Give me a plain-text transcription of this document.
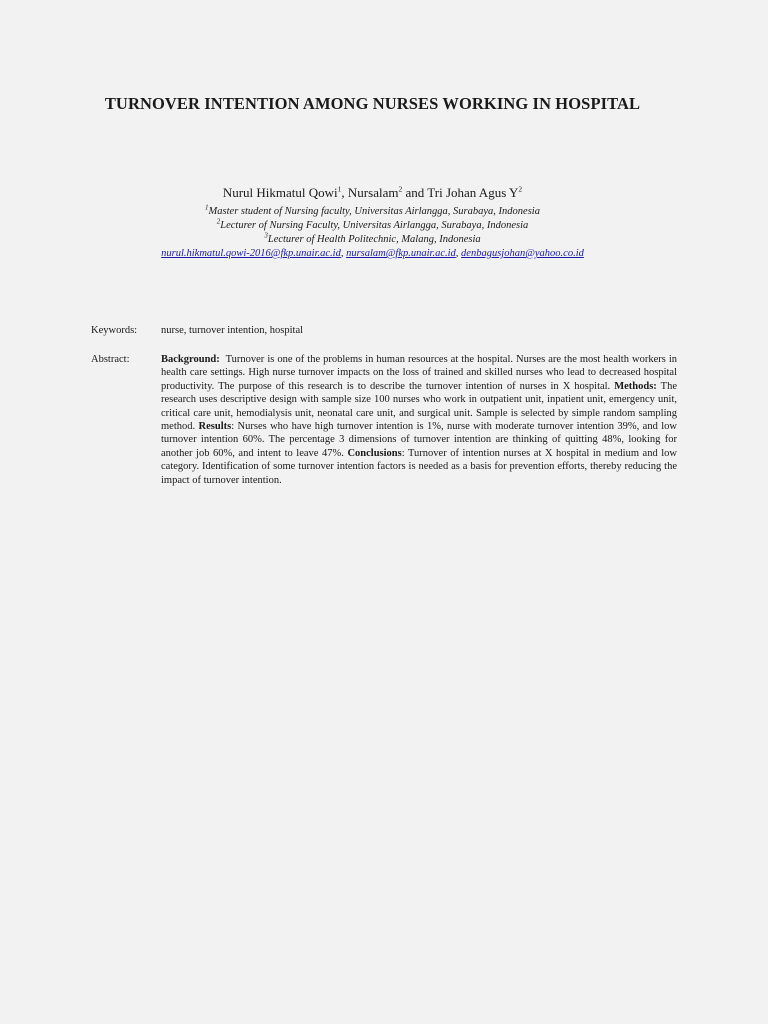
TURNOVER INTENTION AMONG NURSES WORKING IN HOSPITAL
Nurul Hikmatul Qowi$^1$, Nursalam$^2$ and Tri Johan Agus $Y^2$
$^1$Master student of Nursing faculty, Universitas Airlangga, Surabaya, Indonesia
$^2$Lecturer of Nursing Faculty, Universitas Airlangga, Surabaya, Indonesia
$^3$Lecturer of Health Politechnic, Malang, Indonesia
nurul.hikmatul.qowi-2016@fkp.unair.ac.id, nursalam@fkp.unair.ac.id, denbagusjohan@yahoo.co.id
Keywords: nurse, turnover intention, hospital
Abstract:	Background:  Turnover is one of the problems in human resources at the hospital. Nurses are the most health workers in health care settings. High nurse turnover impacts on the loss of trained and skilled nurses who lead to decreased hospital productivity. The purpose of this research is to describe the turnover intention of nurses in X hospital. Methods: The research uses descriptive design with sample size 100 nurses who work in outpatient unit, inpatient unit, emergency unit, critical care unit, hemodialysis unit, neonatal care unit, and surgical unit. Sample is selected by simple random sampling method. Results: Nurses who have high turnover intention is 1%, nurse with moderate turnover intention 39%, and low turnover intention 60%. The percentage 3 dimensions of turnover intention are thinking of quitting 48%, looking for another job 60%, and intent to leave 47%. Conclusions: Turnover of intention nurses at X hospital in medium and low category. Identification of some turnover intention factors is needed as a basis for prevention efforts, thereby reducing the impact of turnover intention.
